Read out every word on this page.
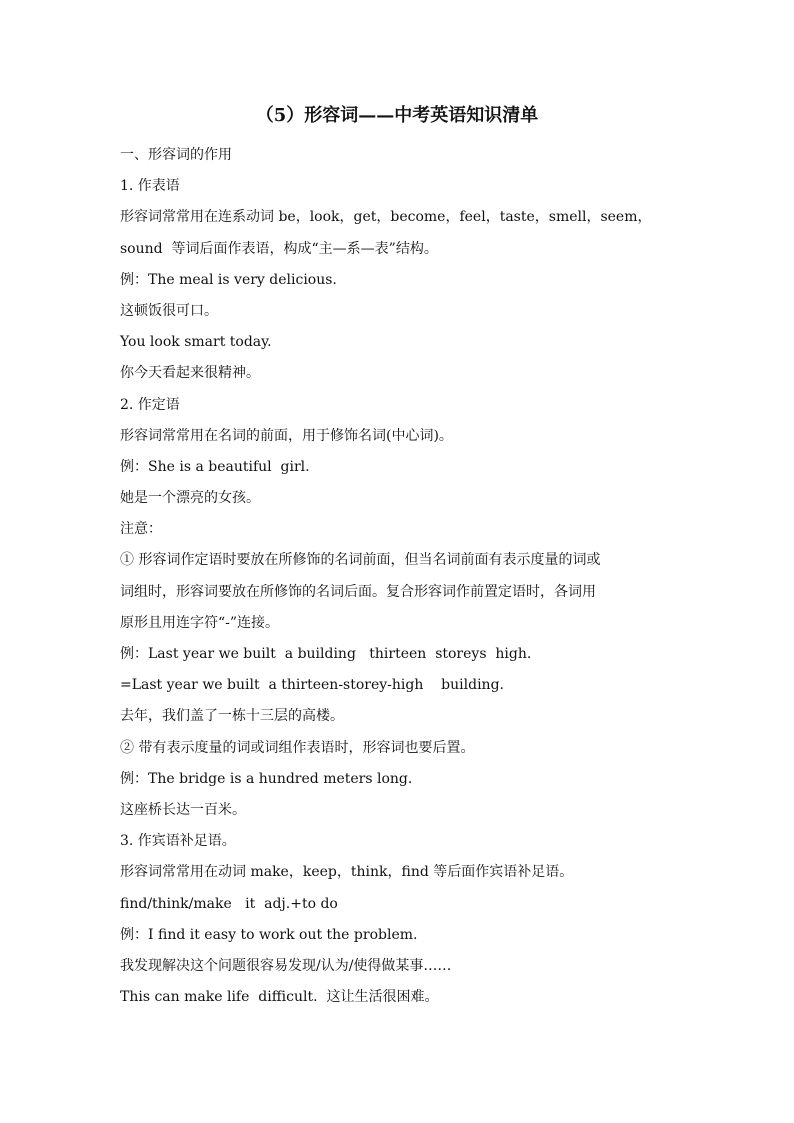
（5）形容词——中考英语知识清单
一、形容词的作用
1. 作表语
形容词常常用在连系动词 be，look，get，become，feel，taste，smell，seem，
sound  等词后面作表语，构成“主—系—表”结构。
例：The meal is very delicious.
这顿饭很可口。
You look smart today.
你今天看起来很精神。
2. 作定语
形容词常常用在名词的前面，用于修饰名词(中心词)。
例：She is a beautiful  girl.
她是一个漂亮的女孩。
注意：
① 形容词作定语时要放在所修饰的名词前面，但当名词前面有表示度量的词或
词组时，形容词要放在所修饰的名词后面。复合形容词作前置定语时，各词用
原形且用连字符“-”连接。
例：Last year we built  a building   thirteen  storeys  high.
=Last year we built  a thirteen-storey-high    building.
去年，我们盖了一栋十三层的高楼。
② 带有表示度量的词或词组作表语时，形容词也要后置。
例：The bridge is a hundred meters long.
这座桥长达一百米。
3. 作宾语补足语。
形容词常常用在动词 make，keep，think，find 等后面作宾语补足语。
find/think/make   it  adj.+to do
例：I find it easy to work out the problem.
我发现解决这个问题很容易发现/认为/使得做某事……
This can make life  difficult.  这让生活很困难。
